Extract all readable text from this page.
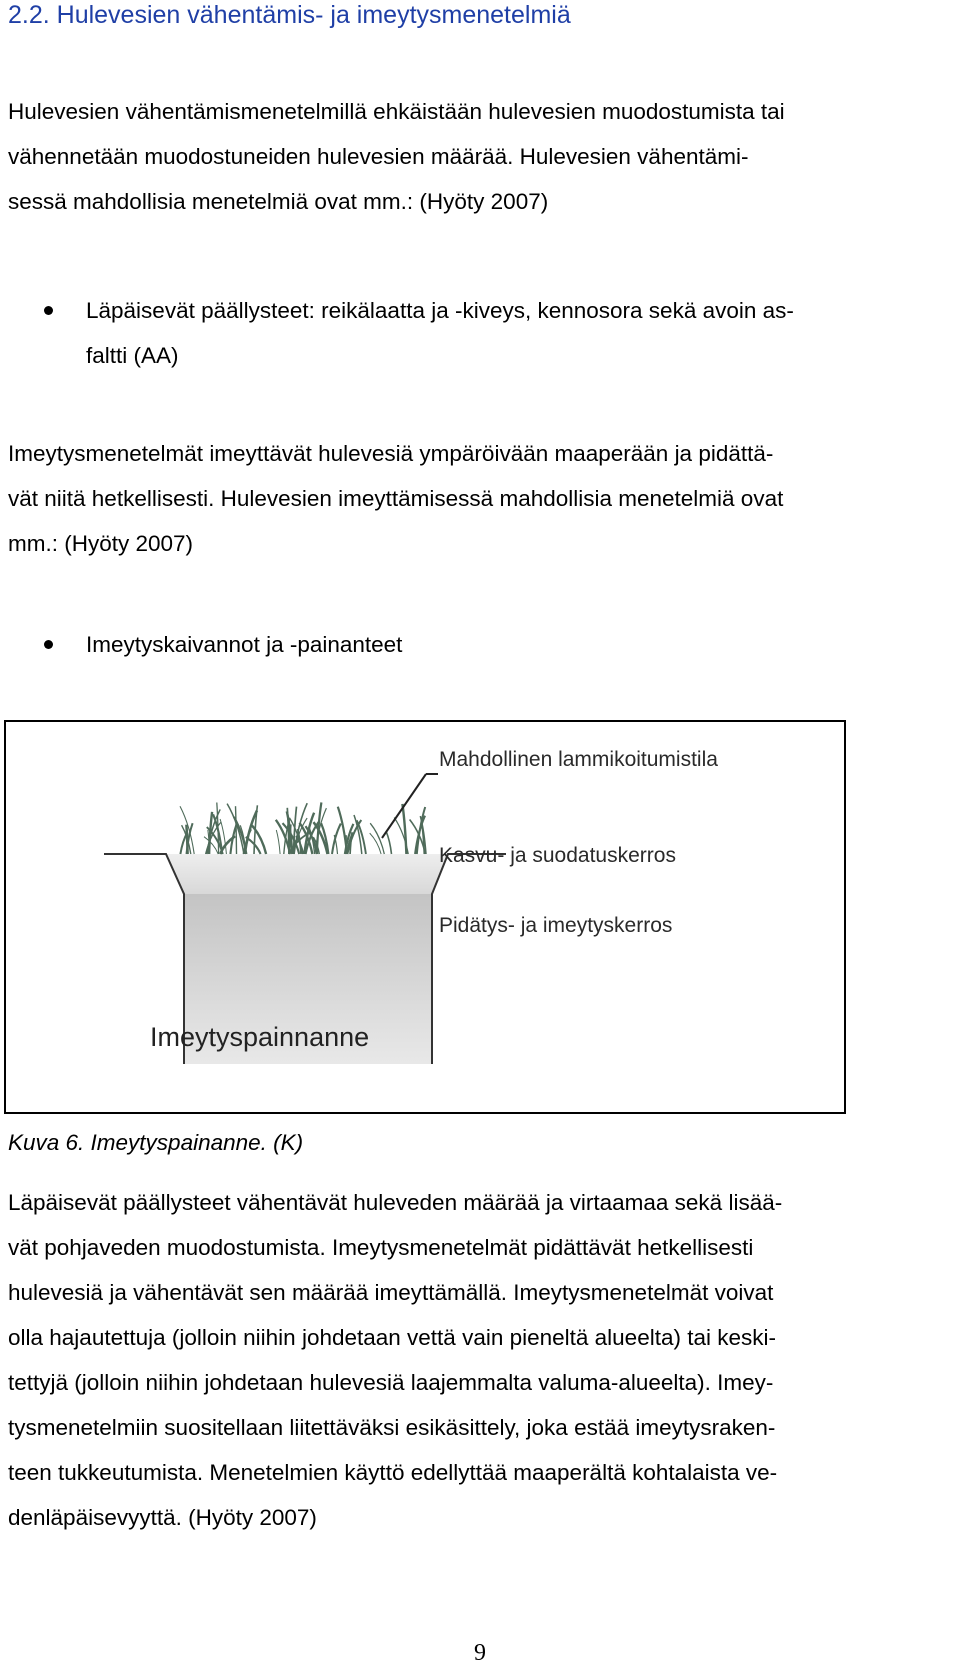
2.2. Hulevesien vähentämis- ja imeytysmenetelmiä
Hulevesien vähentämismenetelmillä ehkäistään hulevesien muodostumista tai
vähennetään muodostuneiden hulevesien määrää. Hulevesien vähentämi-
sessä mahdollisia menetelmiä ovat mm.: (Hyöty 2007)
Läpäisevät päällysteet: reikälaatta ja -kiveys, kennosora sekä avoin as-
faltti (AA)
Imeytysmenetelmät imeyttävät hulevesiä ympäröivään maaperään ja pidättä-
vät niitä hetkellisesti. Hulevesien imeyttämisessä mahdollisia menetelmiä ovat
mm.: (Hyöty 2007)
Imeytyskaivannot ja -painanteet
Mahdollinen lammikoitumistila
Kasvu- ja suodatuskerros
Pidätys- ja imeytyskerros
Imeytyspainnanne
Kuva 6. Imeytyspainanne. (K)
Läpäisevät päällysteet vähentävät huleveden määrää ja virtaamaa sekä lisää-
vät pohjaveden muodostumista. Imeytysmenetelmät pidättävät hetkellisesti
hulevesiä ja vähentävät sen määrää imeyttämällä. Imeytysmenetelmät voivat
olla hajautettuja (jolloin niihin johdetaan vettä vain pieneltä alueelta) tai keski-
tettyjä (jolloin niihin johdetaan hulevesiä laajemmalta valuma-alueelta). Imey-
tysmenetelmiin suositellaan liitettäväksi esikäsittely, joka estää imeytysraken-
teen tukkeutumista. Menetelmien käyttö edellyttää maaperältä kohtalaista ve-
denläpäisevyyttä. (Hyöty 2007)
9
